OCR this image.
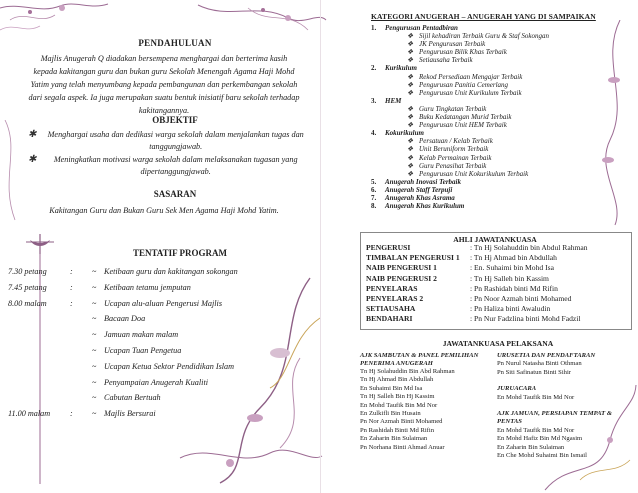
PENDAHULUAN
Majlis Anugerah Q diadakan bersempena menghargai dan berterima kasih kepada kakitangan guru dan bukan guru Sekolah Menengah Agama Haji Mohd Yatim yang telah menyumbang kepada pembangunan dan perkembangan sekolah dari segala aspek. Ia juga merupakan suatu bentuk inisiatif baru sekolah terhadap kakitangannya.
OBJEKTIF
✱	Menghargai usaha dan dedikasi warga sekolah dalam menjalankan tugas dan tanggungjawab.
✱	Meningkatkan motivasi warga sekolah dalam melaksanakan tugasan yang dipertanggungjawab.
SASARAN
Kakitangan Guru dan Bukan Guru Sek Men Agama Haji Mohd Yatim.
TENTATIF PROGRAM
7.30 petang	:	~ Ketibaan guru dan kakitangan sokongan
7.45 petang	:	~ Ketibaan tetamu jemputan
8.00 malam	:	~ Ucapan alu-aluan Pengerusi Majlis
~ Bacaan Doa
~ Jamuan makan malam
~ Ucapan Tuan Pengetua
~ Ucapan Ketua Sektor Pendidikan Islam
~ Penyampaian Anugerah Kualiti
~ Cabutan Bertuah
11.00 malam	:	~ Majlis Bersurai
KATEGORI ANUGERAH – ANUGERAH YANG DI SAMPAIKAN
1.	Pengurusan Pentadbiran
❖ Sijil kehadiran Terbaik Guru & Staf Sokongan
❖ JK Pengurusan Terbaik
❖ Pengurusan Bilik Khas Terbaik
❖ Setiausaha Terbaik
2.	Kurikulum
❖ Rekod Persediaan Mengajar Terbaik
❖ Pengurusan Panitia Cemerlang
❖ Pengurusan Unit Kurikulum Terbaik
3.	HEM
❖ Guru Tingkatan Terbaik
❖ Buku Kedatangan Murid Terbaik
❖ Pengurusan Unit HEM Terbaik
4.	Kokurikulum
❖ Persatuan / Kelab Terbaik
❖ Unit Beruniform Terbaik
❖ Kelab Permainan Terbaik
❖ Guru Penasihat Terbaik
❖ Pengurusan Unit Kokurikulum Terbaik
5.	Anugerah Inovasi Terbaik
6.	Anugerah Staff Terpuji
7.	Anugerah Khas Asrama
8.	Anugerah Khas Kurikulum
AHLI JAWATANKUASA
PENGERUSI	: Tn Hj Solahuddin bin Abdul Rahman
TIMBALAN PENGERUSI 1	: Tn Hj Ahmad bin Abdullah
NAIB PENGERUSI 1	: En. Suhaimi bin Mohd Isa
NAIB PENGERUSI 2	: Tn Hj Salleh bin Kassim
PENYELARAS	: Pn Rashidah binti Md Rifin
PENYELARAS 2	: Pn Noor Azmah binti Mohamed
SETIAUSAHA	: Pn Haliza binti Awaludin
BENDAHARI	: Pn Nur Fadzlina binti Mohd Fadzil
JAWATANKUASA PELAKSANA
AJK SAMBUTAN & PANEL PEMILIHAN PENERIMA ANUGERAH
Tn Hj Solahuddin Bin Abd Rahman
Tn Hj Ahmad Bin Abdullah
En Suhaimi Bin Md Isa
Tn Hj Salleh Bin Hj Kassim
En Mohd Taufik Bin Md Nor
En Zulkifli Bin Husain
Pn Nor Azmah Binti Mohamed
Pn Rashidah Binti Md Rifin
En Zaharin Bin Sulaiman
Pn Norhana Binti Ahmad Anuar
URUSETIA DAN PENDAFTARAN
Pn Nurul Natasha Binti Othman
Pn Siti Safinatun Binti Sihir
JURUACARA
En Mohd Taufik Bin Md Nor
AJK JAMUAN, PERSIAPAN TEMPAT & PENTAS
En Mohd Taufik Bin Md Nor
En Mohd Hafiz Bin Md Ngasim
En Zaharin Bin Sulaiman
En Che Mohd Suhaimi Bin Ismail
